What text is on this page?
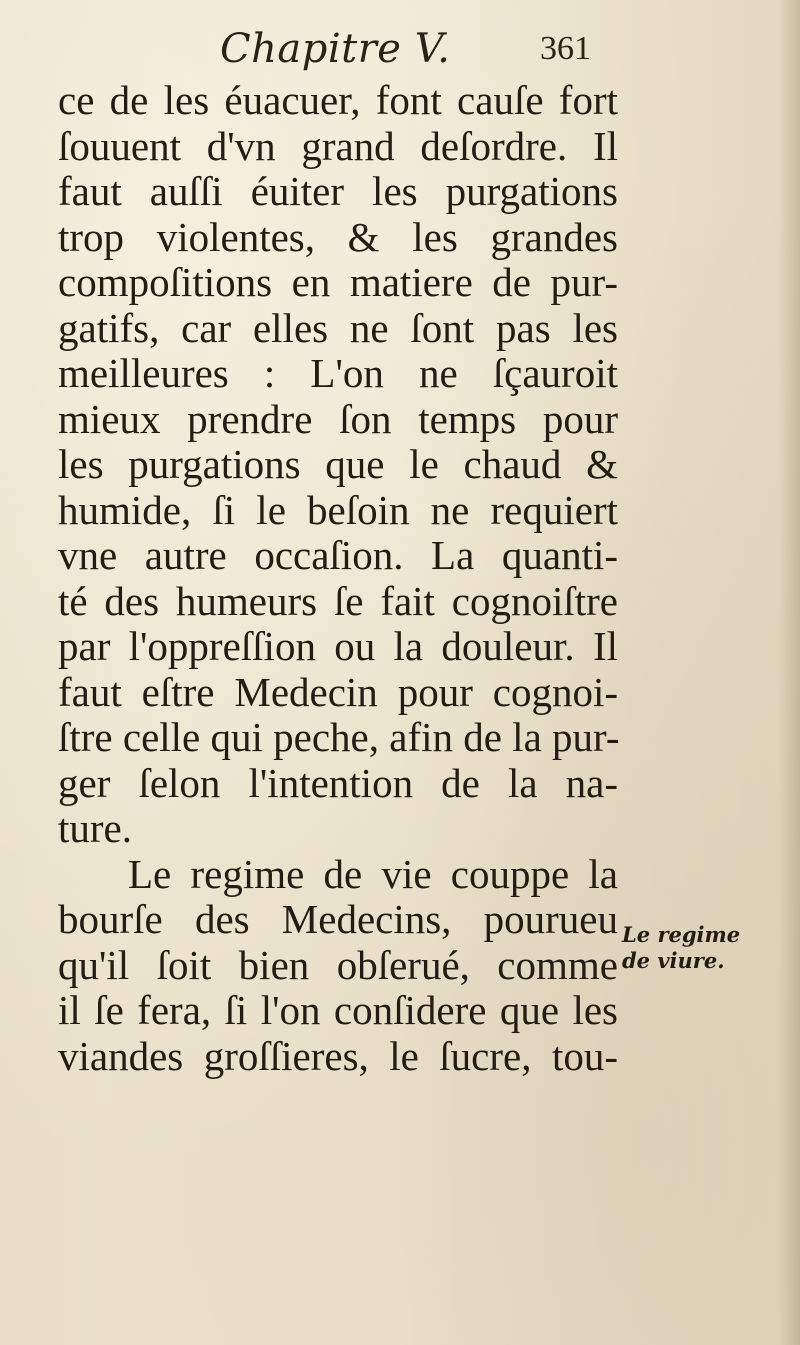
Chapitre V.	361
ce de les éuacuer, font cauſe fort
ſouuent d'vn grand deſordre. Il
faut auſſi éuiter les purgations
trop violentes, & les grandes
compoſitions en matiere de pur-
gatifs, car elles ne ſont pas les
meilleures : L'on ne ſçauroit
mieux prendre ſon temps pour
les purgations que le chaud &
humide, ſi le beſoin ne requiert
vne autre occaſion. La quanti-
té des humeurs ſe fait cognoiſtre
par l'oppreſſion ou la douleur. Il
faut eſtre Medecin pour cognoi-
ſtre celle qui peche, afin de la pur-
ger ſelon l'intention de la na-
ture.
Le regime de vie couppe la
bourſe des Medecins, pourueu
qu'il ſoit bien obſerué, comme
il ſe fera, ſi l'on conſidere que les
viandes groſſieres, le ſucre, tou-
Le regime
de viure.
